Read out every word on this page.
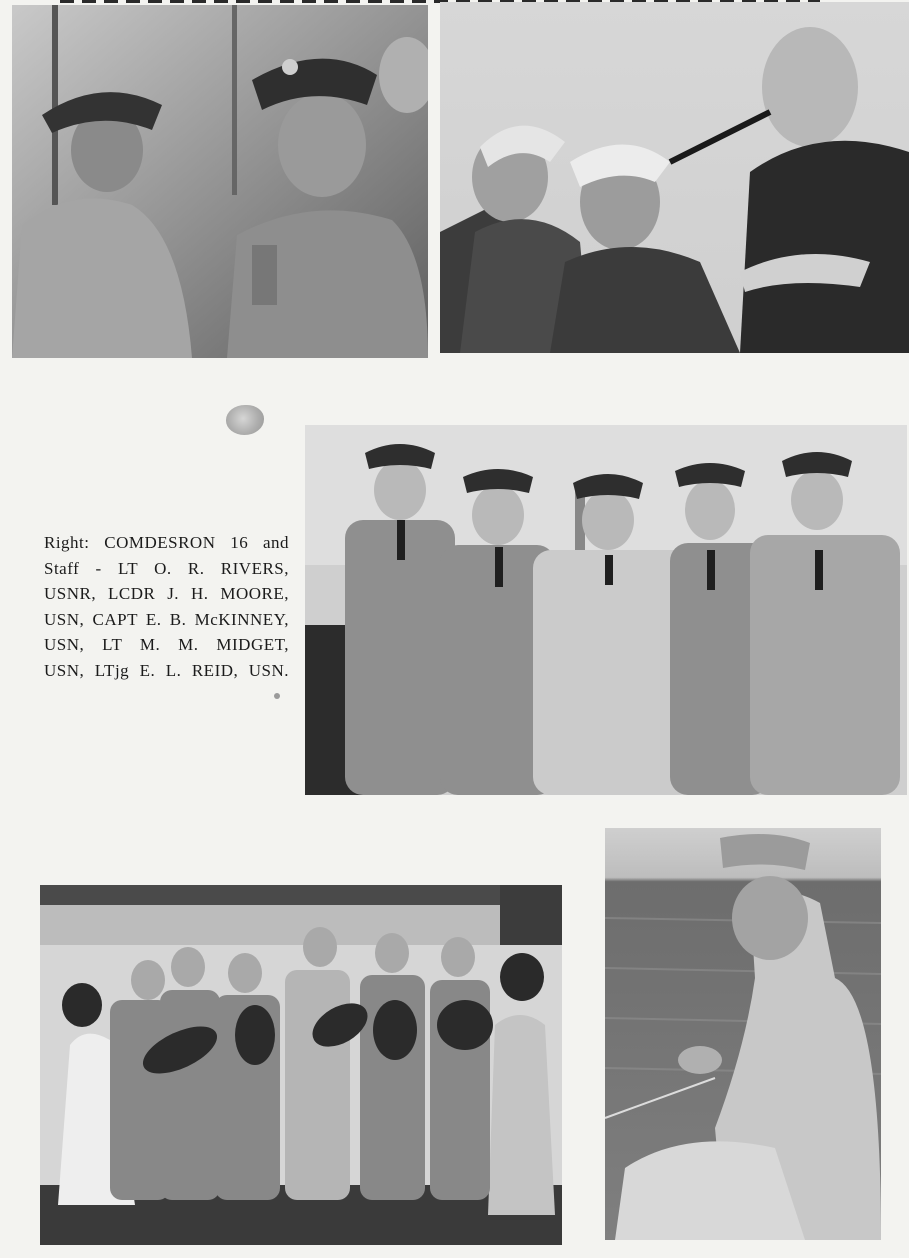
Right: COMDESRON 16 and
Staff - LT O. R. RIVERS,
USNR, LCDR J. H. MOORE,
USN, CAPT E. B. McKINNEY,
USN, LT M. M. MIDGET,
USN, LTjg E. L. REID, USN.
